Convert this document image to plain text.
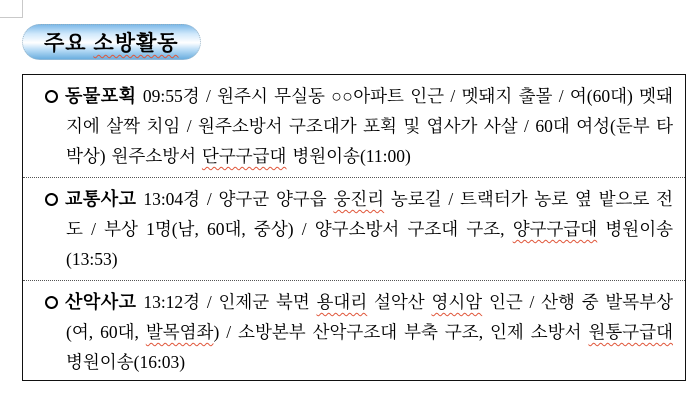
주요 소방활동

동물포획 09:55경 / 원주시 무실동 ○○아파트 인근 / 멧돼지 출몰 / 여(60대) 멧돼지에 살짝 치임 / 원주소방서 구조대가 포획 및 엽사가 사살 / 60대 여성(둔부 타박상) 원주소방서 단구구급대 병원이송(11:00)

교통사고 13:04경 / 양구군 양구읍 웅진리 농로길 / 트랙터가 농로 옆 밭으로 전도 / 부상 1명(남, 60대, 중상) / 양구소방서 구조대 구조, 양구구급대 병원이송(13:53)

산악사고 13:12경 / 인제군 북면 용대리 설악산 영시암 인근 / 산행 중 발목부상(여, 60대, 발목염좌) / 소방본부 산악구조대 부축 구조, 인제 소방서 원통구급대 병원이송(16:03)
